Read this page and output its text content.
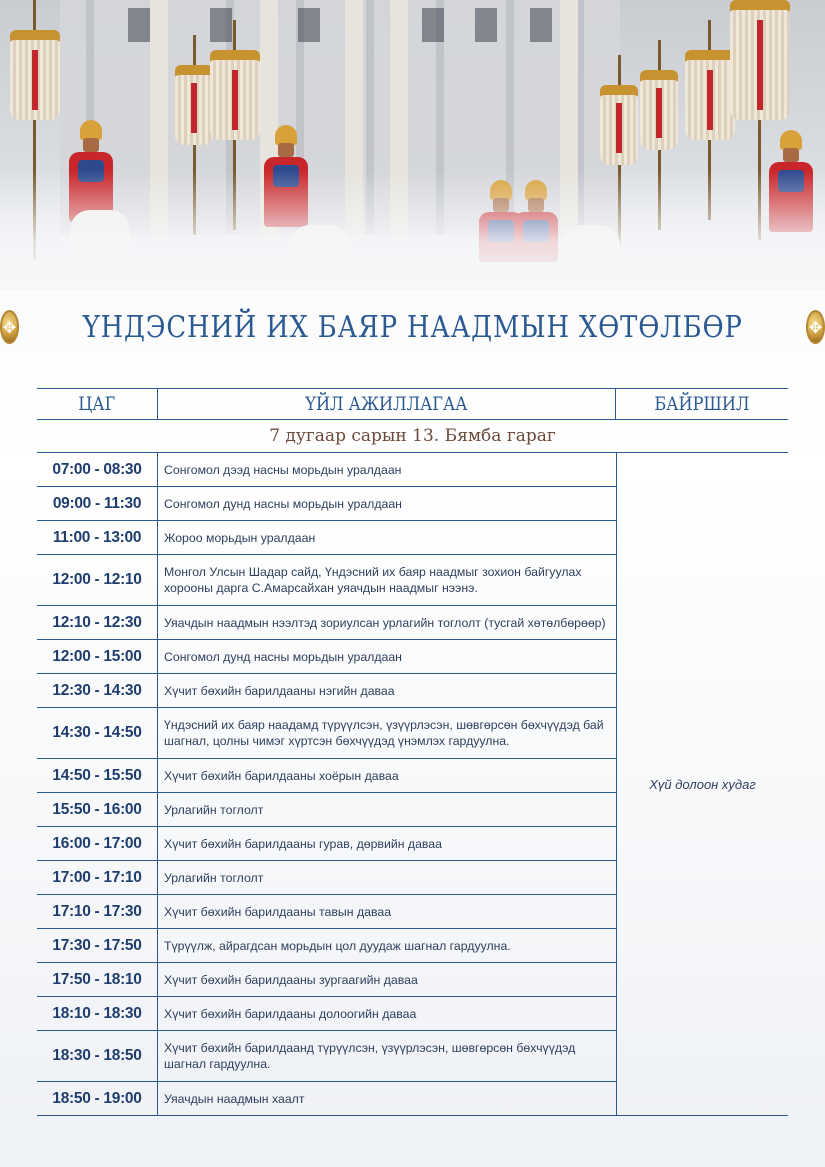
✥ ҮНДЭСНИЙ ИХ БАЯР НААДМЫН ХӨТӨЛБӨР	✥
ЦАГ	ҮЙЛ АЖИЛЛАГАА	БАЙРШИЛ
7 дугаар сарын 13. Бямба гараг
07:00 - 08:30	Сонгомол дээд насны морьдын уралдаан
09:00 - 11:30	Сонгомол дунд насны морьдын уралдаан
11:00 - 13:00	Жороо морьдын уралдаан
12:00 - 12:10	Монгол Улсын Шадар сайд, Үндэсний их баяр наадмыг зохион байгуулах хорооны дарга С.Амарсайхан уяачдын наадмыг нээнэ.
12:10 - 12:30	Уяачдын наадмын нээлтэд зориулсан урлагийн тоглолт (тусгай хөтөлбөрөөр)
12:00 - 15:00	Сонгомол дунд насны морьдын уралдаан
12:30 - 14:30	Хүчит бөхийн барилдааны нэгийн даваа
14:30 - 14:50	Үндэсний их баяр наадамд түрүүлсэн, үзүүрлэсэн, шөвгөрсөн бөхчүүдэд бай шагнал, цолны чимэг хүртсэн бөхчүүдэд үнэмлэх гардуулна.
14:50 - 15:50	Хүчит бөхийн барилдааны хоёрын даваа
15:50 - 16:00	Урлагийн тоглолт
16:00 - 17:00	Хүчит бөхийн барилдааны гурав, дөрвийн даваа
17:00 - 17:10	Урлагийн тоглолт
17:10 - 17:30	Хүчит бөхийн барилдааны тавын даваа
17:30 - 17:50	Түрүүлж, айрагдсан морьдын цол дуудаж шагнал гардуулна.
17:50 - 18:10	Хүчит бөхийн барилдааны зургаагийн даваа
18:10 - 18:30	Хүчит бөхийн барилдааны долоогийн даваа
18:30 - 18:50	Хүчит бөхийн барилдаанд түрүүлсэн, үзүүрлэсэн, шөвгөрсөн бөхчүүдэд шагнал гардуулна.
18:50 - 19:00	Уяачдын наадмын хаалт
Хүй долоон худаг
